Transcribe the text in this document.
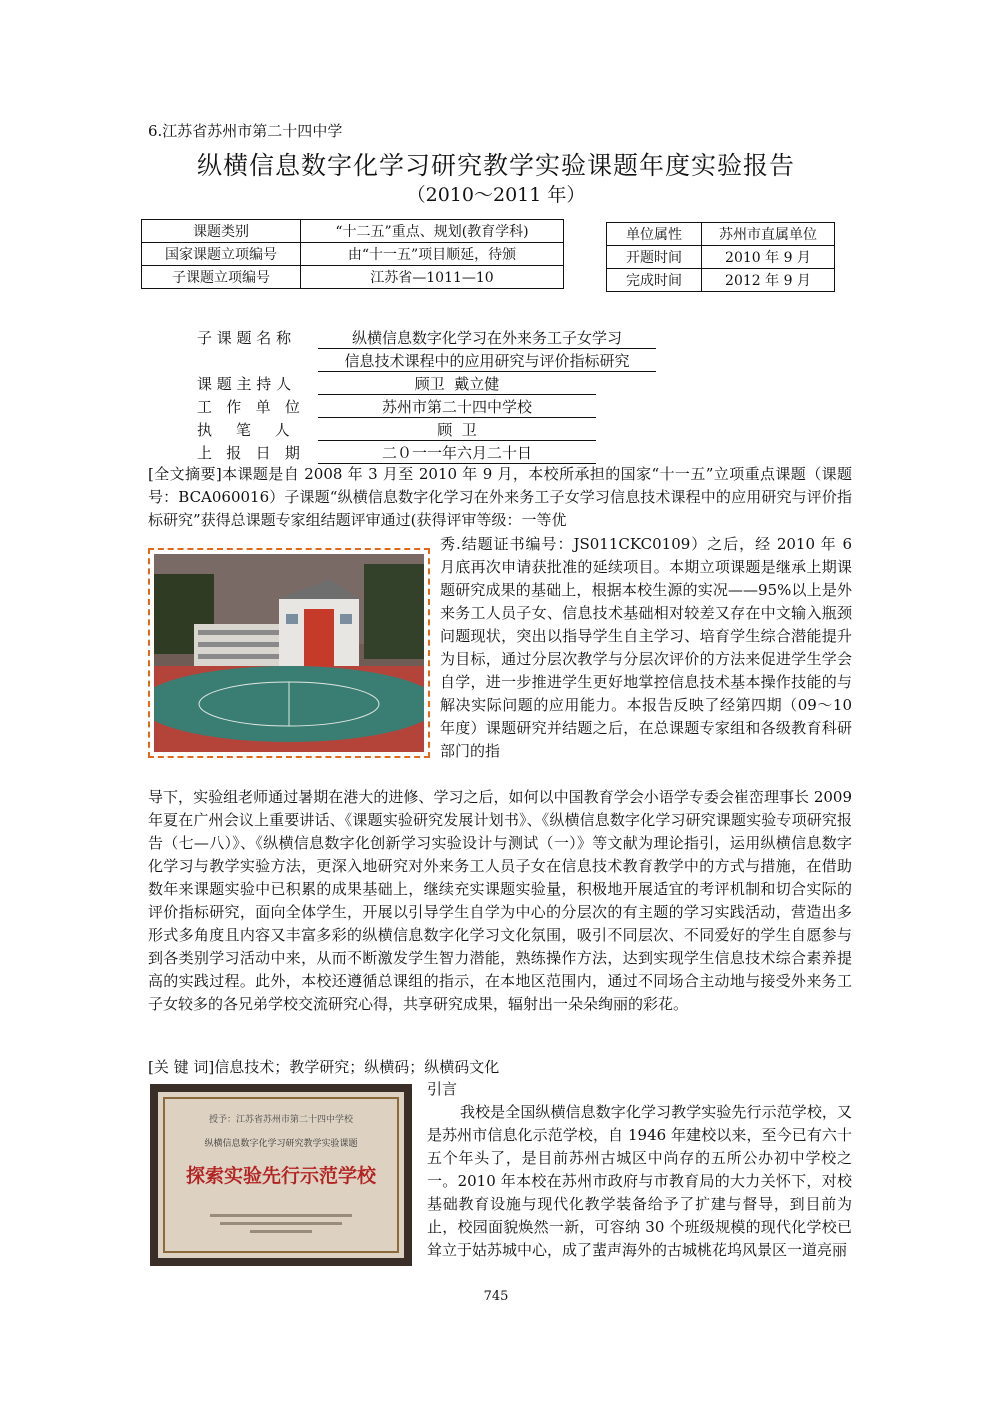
6.江苏省苏州市第二十四中学
纵横信息数字化学习研究教学实验课题年度实验报告
（2010～2011 年）
课题类别	“十二五”重点、规划(教育学科)
国家课题立项编号	由“十一五”项目顺延，待颁
子课题立项编号	江苏省—1011—10
单位属性	苏州市直属单位
开题时间	2010 年 9 月
完成时间	2012 年 9 月
子 课 题 名 称	纵横信息数字化学习在外来务工子女学习
信息技术课程中的应用研究与评价指标研究
课 题 主 持 人	顾卫  戴立健
工   作   单   位	苏州市第二十四中学校
执     笔     人	顾  卫
上   报   日   期	二０一一年六月二十日
[全文摘要]本课题是自 2008 年 3 月至 2010 年 9 月，本校所承担的国家“十一五”立项重点课题（课题号：BCA060016）子课题“纵横信息数字化学习在外来务工子女学习信息技术课程中的应用研究与评价指标研究”获得总课题专家组结题评审通过(获得评审等级：一等优
秀.结题证书编号：JS011CKC0109）之后，经 2010 年 6 月底再次申请获批准的延续项目。本期立项课题是继承上期课题研究成果的基础上，根据本校生源的实况——95%以上是外来务工人员子女、信息技术基础相对较差又存在中文输入瓶颈问题现状，突出以指导学生自主学习、培育学生综合潜能提升为目标，通过分层次教学与分层次评价的方法来促进学生学会自学，进一步推进学生更好地掌控信息技术基本操作技能的与解决实际问题的应用能力。本报告反映了经第四期（09～10 年度）课题研究并结题之后，在总课题专家组和各级教育科研部门的指
导下，实验组老师通过暑期在港大的进修、学习之后，如何以中国教育学会小语学专委会崔峦理事长 2009 年夏在广州会议上重要讲话、《课题实验研究发展计划书》、《纵横信息数字化学习研究课题实验专项研究报告（七—八）》、《纵横信息数字化创新学习实验设计与测试（一）》等文献为理论指引，运用纵横信息数字化学习与教学实验方法，更深入地研究对外来务工人员子女在信息技术教育教学中的方式与措施，在借助数年来课题实验中已积累的成果基础上，继续充实课题实验量，积极地开展适宜的考评机制和切合实际的评价指标研究，面向全体学生，开展以引导学生自学为中心的分层次的有主题的学习实践活动，营造出多形式多角度且内容又丰富多彩的纵横信息数字化学习文化氛围，吸引不同层次、不同爱好的学生自愿参与到各类别学习活动中来，从而不断激发学生智力潜能，熟练操作方法，达到实现学生信息技术综合素养提高的实践过程。此外，本校还遵循总课组的指示，在本地区范围内，通过不同场合主动地与接受外来务工子女较多的各兄弟学校交流研究心得，共享研究成果，辐射出一朵朵绚丽的彩花。
[关 键 词]信息技术；教学研究；纵横码；纵横码文化
授予：江苏省苏州市第二十四中学校
纵横信息数字化学习研究教学实验课题
探索实验先行示范学校
引言
我校是全国纵横信息数字化学习教学实验先行示范学校，又是苏州市信息化示范学校，自 1946 年建校以来，至今已有六十五个年头了，是目前苏州古城区中尚存的五所公办初中学校之一。2010 年本校在苏州市政府与市教育局的大力关怀下，对校基础教育设施与现代化教学装备给予了扩建与督导，到目前为止，校园面貌焕然一新，可容纳 30 个班级规模的现代化学校已耸立于姑苏城中心，成了蜚声海外的古城桃花坞风景区一道亮丽
745
